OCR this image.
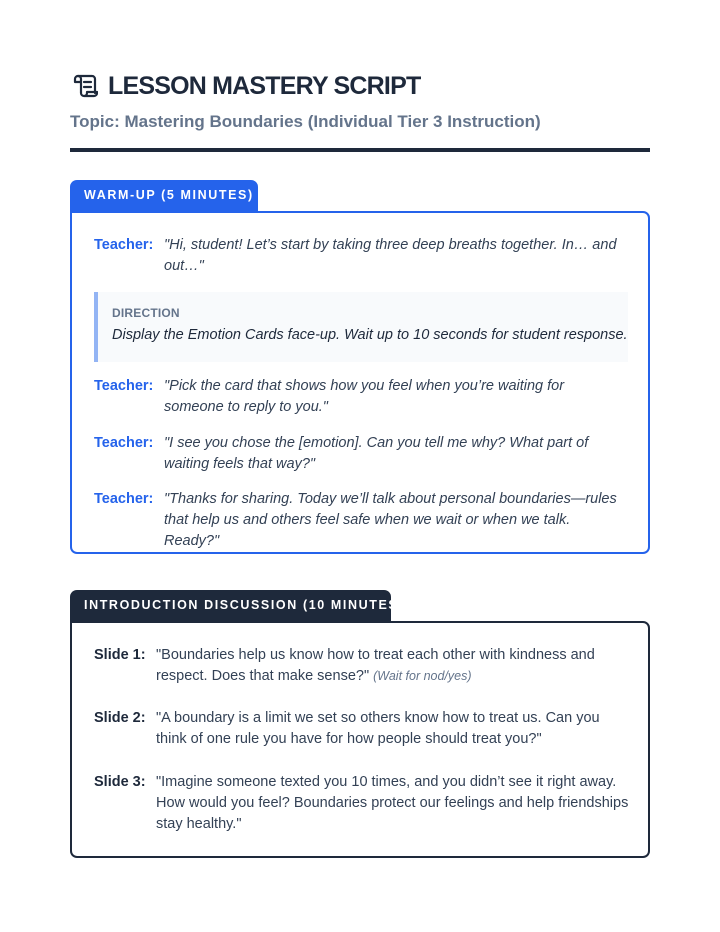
LESSON MASTERY SCRIPT
Topic: Mastering Boundaries (Individual Tier 3 Instruction)
WARM-UP (5 MINUTES)
Teacher: "Hi, student! Let’s start by taking three deep breaths together. In… and out…"
DIRECTION
Display the Emotion Cards face-up. Wait up to 10 seconds for student response.
Teacher: "Pick the card that shows how you feel when you’re waiting for someone to reply to you."
Teacher: "I see you chose the [emotion]. Can you tell me why? What part of waiting feels that way?"
Teacher: "Thanks for sharing. Today we’ll talk about personal boundaries—rules that help us and others feel safe when we wait or when we talk. Ready?"
INTRODUCTION DISCUSSION (10 MINUTES)
Slide 1: "Boundaries help us know how to treat each other with kindness and respect. Does that make sense?" (Wait for nod/yes)
Slide 2: "A boundary is a limit we set so others know how to treat us. Can you think of one rule you have for how people should treat you?"
Slide 3: "Imagine someone texted you 10 times, and you didn’t see it right away. How would you feel? Boundaries protect our feelings and help friendships stay healthy."
